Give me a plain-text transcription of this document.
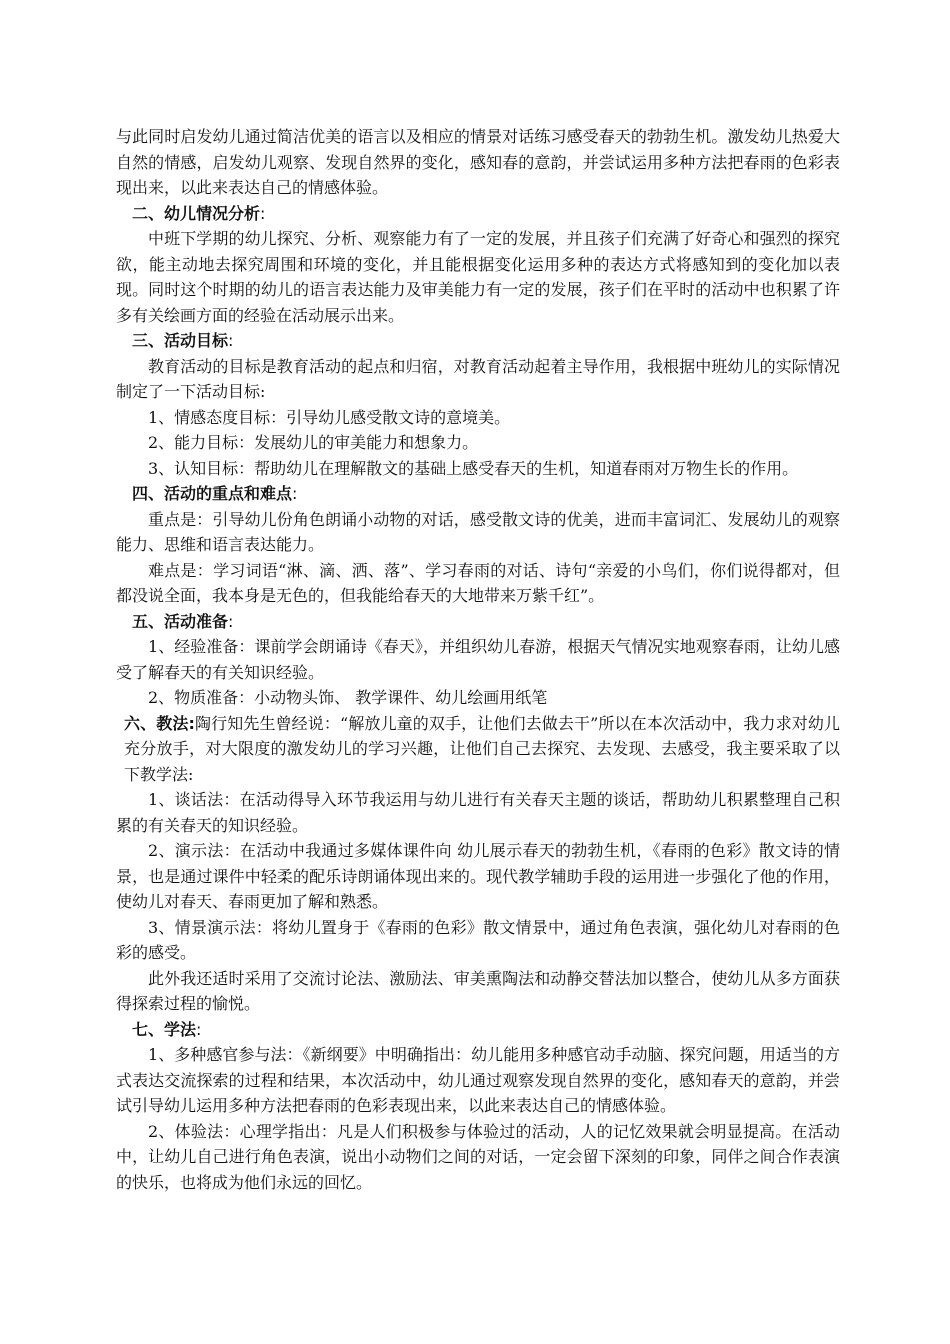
与此同时启发幼儿通过简洁优美的语言以及相应的情景对话练习感受春天的勃勃生机。激发幼儿热爱大自然的情感，启发幼儿观察、发现自然界的变化，感知春的意韵，并尝试运用多种方法把春雨的色彩表现出来，以此来表达自己的情感体验。

二、幼儿情况分析:

中班下学期的幼儿探究、分析、观察能力有了一定的发展，并且孩子们充满了好奇心和强烈的探究欲，能主动地去探究周围和环境的变化，并且能根据变化运用多种的表达方式将感知到的变化加以表现。同时这个时期的幼儿的语言表达能力及审美能力有一定的发展，孩子们在平时的活动中也积累了许多有关绘画方面的经验在活动展示出来。

三、活动目标:

教育活动的目标是教育活动的起点和归宿，对教育活动起着主导作用，我根据中班幼儿的实际情况制定了一下活动目标:

1、情感态度目标：引导幼儿感受散文诗的意境美。

2、能力目标：发展幼儿的审美能力和想象力。

3、认知目标：帮助幼儿在理解散文的基础上感受春天的生机，知道春雨对万物生长的作用。

四、活动的重点和难点:

重点是：引导幼儿份角色朗诵小动物的对话，感受散文诗的优美，进而丰富词汇、发展幼儿的观察能力、思维和语言表达能力。

难点是：学习词语“淋、滴、洒、落”、学习春雨的对话、诗句“亲爱的小鸟们，你们说得都对，但都没说全面，我本身是无色的，但我能给春天的大地带来万紫千红”。

五、活动准备:

1、经验准备：课前学会朗诵诗《春天》，并组织幼儿春游，根据天气情况实地观察春雨，让幼儿感受了解春天的有关知识经验。

2、物质准备：小动物头饰、 教学课件、幼儿绘画用纸笔

六、教法:陶行知先生曾经说：“解放儿童的双手，让他们去做去干”所以在本次活动中，我力求对幼儿充分放手，对大限度的激发幼儿的学习兴趣，让他们自己去探究、去发现、去感受，我主要采取了以下教学法:

1、谈话法：在活动得导入环节我运用与幼儿进行有关春天主题的谈话，帮助幼儿积累整理自己积累的有关春天的知识经验。

2、演示法：在活动中我通过多媒体课件向 幼儿展示春天的勃勃生机，《春雨的色彩》散文诗的情景，也是通过课件中轻柔的配乐诗朗诵体现出来的。现代教学辅助手段的运用进一步强化了他的作用，使幼儿对春天、春雨更加了解和熟悉。

3、情景演示法：将幼儿置身于《春雨的色彩》散文情景中，通过角色表演，强化幼儿对春雨的色彩的感受。

此外我还适时采用了交流讨论法、激励法、审美熏陶法和动静交替法加以整合，使幼儿从多方面获得探索过程的愉悦。

七、学法:

1、多种感官参与法：《新纲要》中明确指出：幼儿能用多种感官动手动脑、探究问题，用适当的方式表达交流探索的过程和结果，本次活动中，幼儿通过观察发现自然界的变化，感知春天的意韵，并尝试引导幼儿运用多种方法把春雨的色彩表现出来，以此来表达自己的情感体验。

2、体验法：心理学指出：凡是人们积极参与体验过的活动，人的记忆效果就会明显提高。在活动中，让幼儿自己进行角色表演，说出小动物们之间的对话，一定会留下深刻的印象，同伴之间合作表演的快乐，也将成为他们永远的回忆。
